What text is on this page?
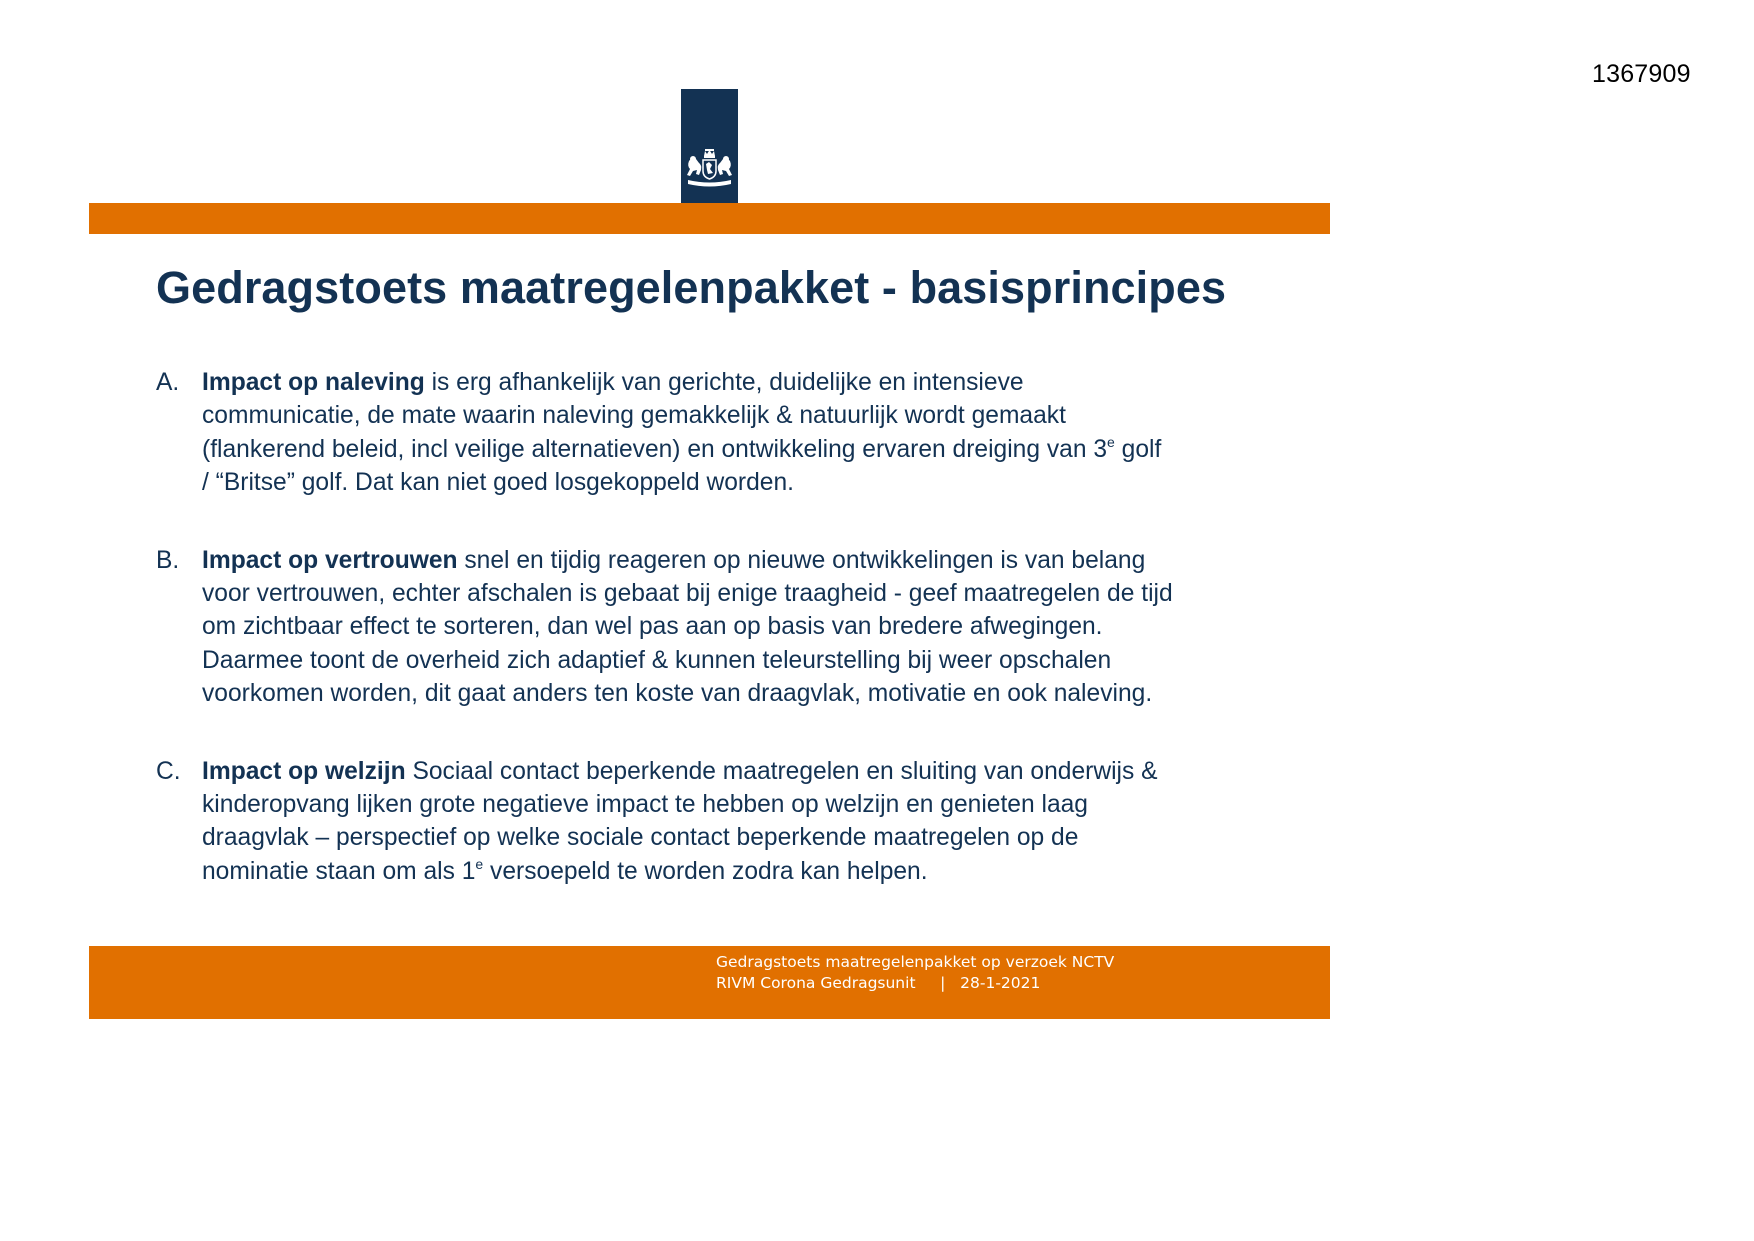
1367909
Gedragstoets maatregelenpakket - basisprincipes
A. Impact op naleving is erg afhankelijk van gerichte, duidelijke en intensieve
communicatie, de mate waarin naleving gemakkelijk & natuurlijk wordt gemaakt
(flankerend beleid, incl veilige alternatieven) en ontwikkeling ervaren dreiging van 3e golf
/ “Britse” golf. Dat kan niet goed losgekoppeld worden.
B. Impact op vertrouwen snel en tijdig reageren op nieuwe ontwikkelingen is van belang
voor vertrouwen, echter afschalen is gebaat bij enige traagheid - geef maatregelen de tijd
om zichtbaar effect te sorteren, dan wel pas aan op basis van bredere afwegingen.
Daarmee toont de overheid zich adaptief & kunnen teleurstelling bij weer opschalen
voorkomen worden, dit gaat anders ten koste van draagvlak, motivatie en ook naleving.
C. Impact op welzijn Sociaal contact beperkende maatregelen en sluiting van onderwijs &
kinderopvang lijken grote negatieve impact te hebben op welzijn en genieten laag
draagvlak – perspectief op welke sociale contact beperkende maatregelen op de
nominatie staan om als 1e versoepeld te worden zodra kan helpen.
Gedragstoets maatregelenpakket op verzoek NCTV
RIVM Corona Gedragsunit     |   28-1-2021
